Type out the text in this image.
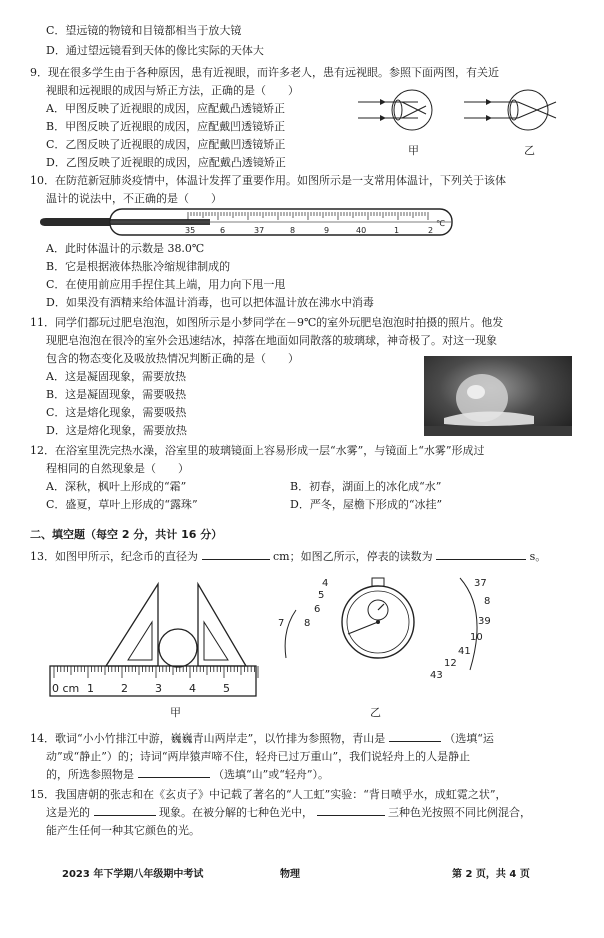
C．望远镜的物镜和目镜都相当于放大镜
D．通过望远镜看到天体的像比实际的天体大
9．现在很多学生由于各种原因，患有近视眼，而许多老人，患有远视眼。参照下面两图，有关近
视眼和远视眼的成因与矫正方法，正确的是（　　）
A．甲图反映了近视眼的成因，应配戴凸透镜矫正
B．甲图反映了近视眼的成因，应配戴凹透镜矫正
C．乙图反映了近视眼的成因，应配戴凹透镜矫正
D．乙图反映了近视眼的成因，应配戴凸透镜矫正
甲	乙
10．在防范新冠肺炎疫情中，体温计发挥了重要作用。如图所示是一支常用体温计，下列关于该体
温计的说法中，不正确的是（　　）
℃
35	6	37	8	9	40	1	2
A．此时体温计的示数是 38.0℃
B．它是根据液体热胀冷缩规律制成的
C．在使用前应用手捏住其上端，用力向下甩一甩
D．如果没有酒精来给体温计消毒，也可以把体温计放在沸水中消毒
11．同学们都玩过肥皂泡泡，如图所示是小梦同学在－9℃的室外玩肥皂泡泡时拍摄的照片。他发
现肥皂泡泡在很冷的室外会迅速结冰，掉落在地面如同散落的玻璃球，神奇极了。对这一现象
包含的物态变化及吸放热情况判断正确的是（　　）
A．这是凝固现象，需要放热
B．这是凝固现象，需要吸热
C．这是熔化现象，需要吸热
D．这是熔化现象，需要放热
12．在浴室里洗完热水澡，浴室里的玻璃镜面上容易形成一层“水雾”，与镜面上“水雾”形成过
程相同的自然现象是（　　）
A．深秋，枫叶上形成的“霜”	B．初春，湖面上的冰化成“水”
C．盛夏，草叶上形成的“露珠”	D．严冬，屋檐下形成的“冰挂”
二、填空题（每空 2 分，共计 16 分）
13．如图甲所示，纪念币的直径为	cm；如图乙所示，停表的读数为	s。
0 cm 1 2 3 4 5
甲
4
5
6
8
7
37
8
39
10
41
12
43
乙
14．歌词“小小竹排江中游，巍巍青山两岸走”，以竹排为参照物，青山是	（选填“运
动”或“静止”）的；诗词“两岸猿声啼不住，轻舟已过万重山”，我们说轻舟上的人是静止
的，所选参照物是	（选填“山”或“轻舟”）。
15．我国唐朝的张志和在《玄贞子》中记载了著名的“人工虹”实验：“背日喷乎水，成虹霓之状”，
这是光的	现象。在被分解的七种色光中，	三种色光按照不同比例混合，
能产生任何一种其它颜色的光。
2023 年下学期八年级期中考试	物理	第 2 页，共 4 页
